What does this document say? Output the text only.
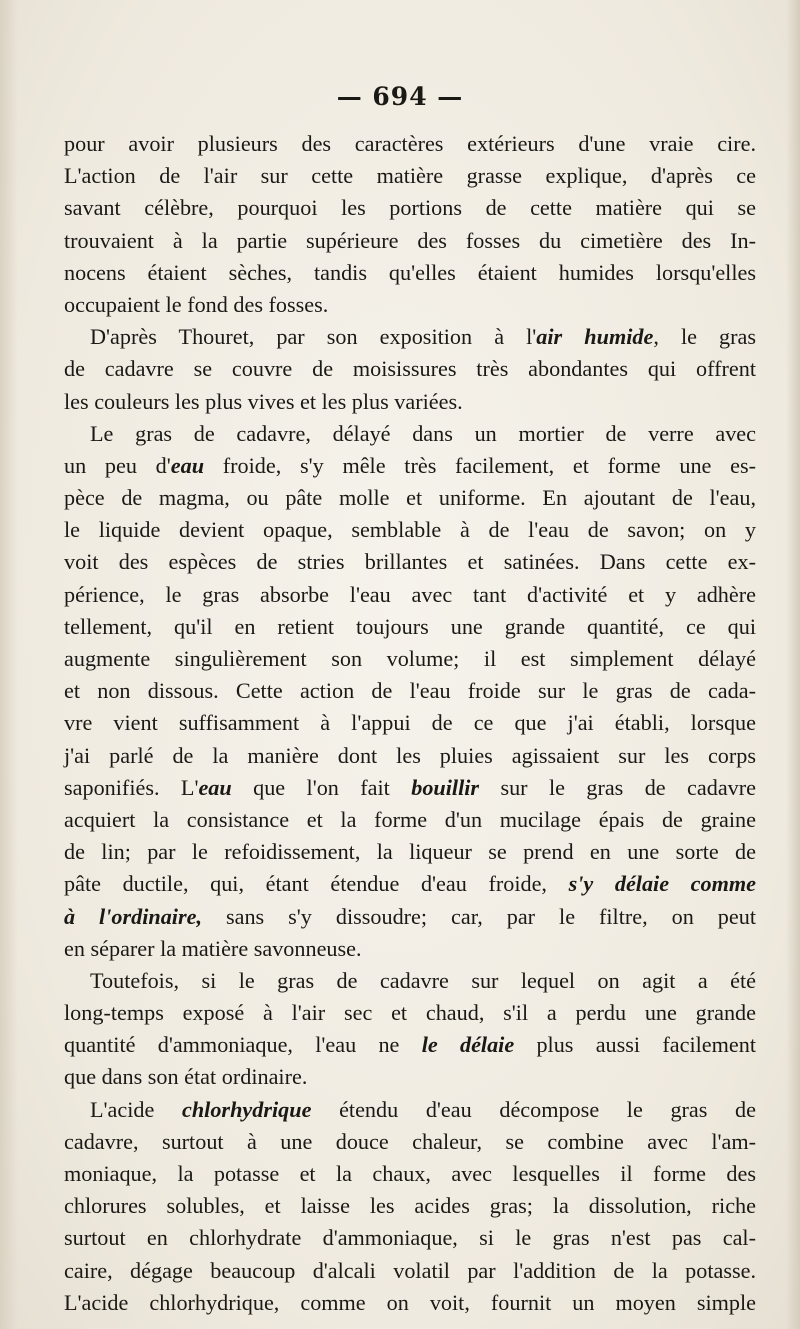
— 694 —
pour avoir plusieurs des caractères extérieurs d'une vraie cire.
L'action de l'air sur cette matière grasse explique, d'après ce
savant célèbre, pourquoi les portions de cette matière qui se
trouvaient à la partie supérieure des fosses du cimetière des In-
nocens étaient sèches, tandis qu'elles étaient humides lorsqu'elles
occupaient le fond des fosses.
D'après Thouret, par son exposition à l'air humide, le gras
de cadavre se couvre de moisissures très abondantes qui offrent
les couleurs les plus vives et les plus variées.
Le gras de cadavre, délayé dans un mortier de verre avec
un peu d'eau froide, s'y mêle très facilement, et forme une es-
pèce de magma, ou pâte molle et uniforme. En ajoutant de l'eau,
le liquide devient opaque, semblable à de l'eau de savon; on y
voit des espèces de stries brillantes et satinées. Dans cette ex-
périence, le gras absorbe l'eau avec tant d'activité et y adhère
tellement, qu'il en retient toujours une grande quantité, ce qui
augmente singulièrement son volume; il est simplement délayé
et non dissous. Cette action de l'eau froide sur le gras de cada-
vre vient suffisamment à l'appui de ce que j'ai établi, lorsque
j'ai parlé de la manière dont les pluies agissaient sur les corps
saponifiés. L'eau que l'on fait bouillir sur le gras de cadavre
acquiert la consistance et la forme d'un mucilage épais de graine
de lin; par le refoidissement, la liqueur se prend en une sorte de
pâte ductile, qui, étant étendue d'eau froide, s'y délaie comme
à l'ordinaire, sans s'y dissoudre; car, par le filtre, on peut
en séparer la matière savonneuse.
Toutefois, si le gras de cadavre sur lequel on agit a été
long-temps exposé à l'air sec et chaud, s'il a perdu une grande
quantité d'ammoniaque, l'eau ne le délaie plus aussi facilement
que dans son état ordinaire.
L'acide chlorhydrique étendu d'eau décompose le gras de
cadavre, surtout à une douce chaleur, se combine avec l'am-
moniaque, la potasse et la chaux, avec lesquelles il forme des
chlorures solubles, et laisse les acides gras; la dissolution, riche
surtout en chlorhydrate d'ammoniaque, si le gras n'est pas cal-
caire, dégage beaucoup d'alcali volatil par l'addition de la potasse.
L'acide chlorhydrique, comme on voit, fournit un moyen simple
